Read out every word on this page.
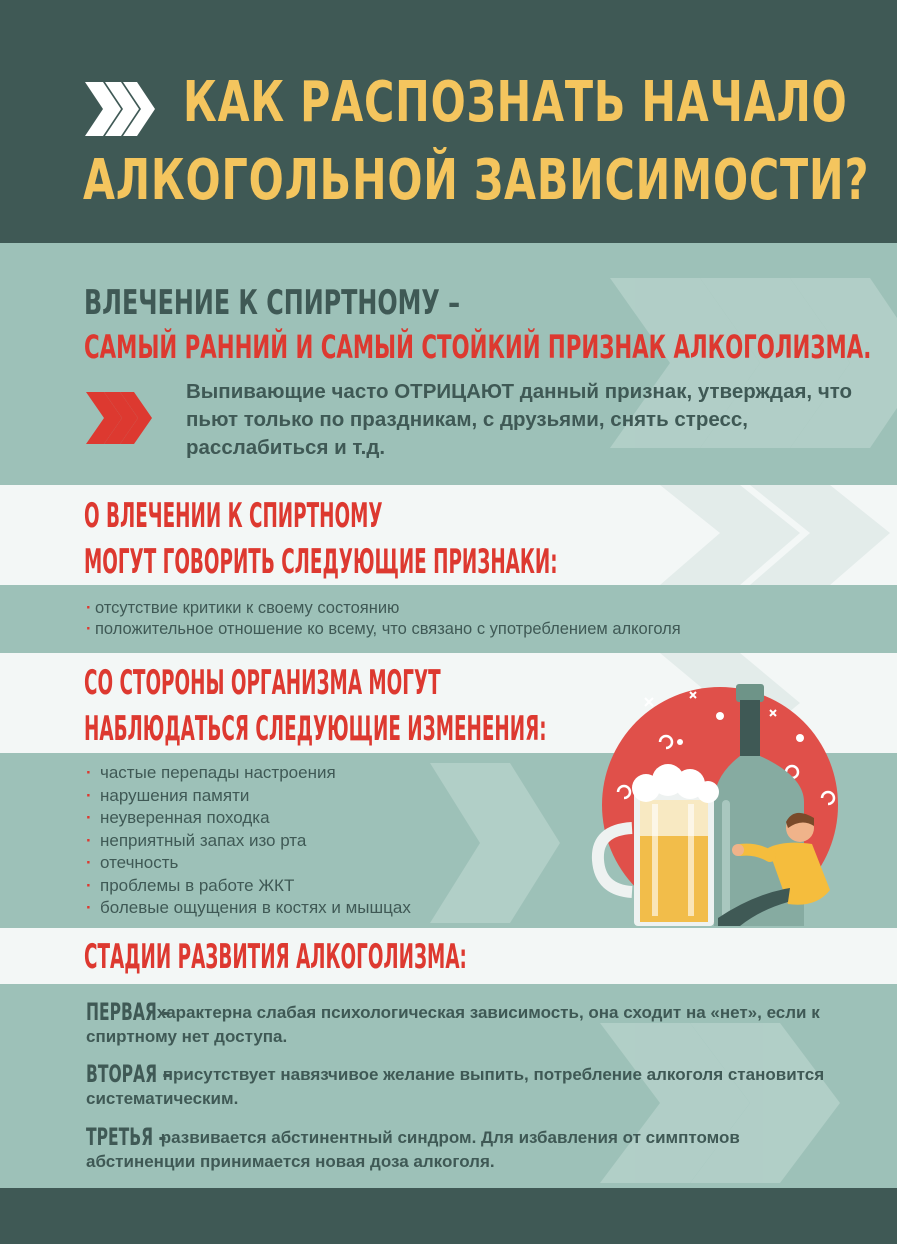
КАК РАСПОЗНАТЬ НАЧАЛО
АЛКОГОЛЬНОЙ ЗАВИСИМОСТИ?
ВЛЕЧЕНИЕ К СПИРТНОМУ –
САМЫЙ РАННИЙ И САМЫЙ СТОЙКИЙ ПРИЗНАК АЛКОГОЛИЗМА.
Выпивающие часто ОТРИЦАЮТ данный признак, утверждая, что пьют только по праздникам, с друзьями, снять стресс, расслабиться и т.д.
О ВЛЕЧЕНИИ К СПИРТНОМУ
МОГУТ ГОВОРИТЬ СЛЕДУЮЩИЕ ПРИЗНАКИ:
· отсутствие критики к своему состоянию
· положительное отношение ко всему, что связано с употреблением алкоголя
СО СТОРОНЫ ОРГАНИЗМА МОГУТ
НАБЛЮДАТЬСЯ СЛЕДУЮЩИЕ ИЗМЕНЕНИЯ:
· частые перепады настроения
· нарушения памяти
· неуверенная походка
· неприятный запах изо рта
· отечность
· проблемы в работе ЖКТ
· болевые ощущения в костях и мышцах
СТАДИИ РАЗВИТИЯ АЛКОГОЛИЗМА:
ПЕРВАЯ – характерна слабая психологическая зависимость, она сходит на «нет», если к спиртному нет доступа.
ВТОРАЯ – присутствует навязчивое желание выпить, потребление алкоголя становится систематическим.
ТРЕТЬЯ – развивается абстинентный синдром. Для избавления от симптомов абстиненции принимается новая доза алкоголя.
